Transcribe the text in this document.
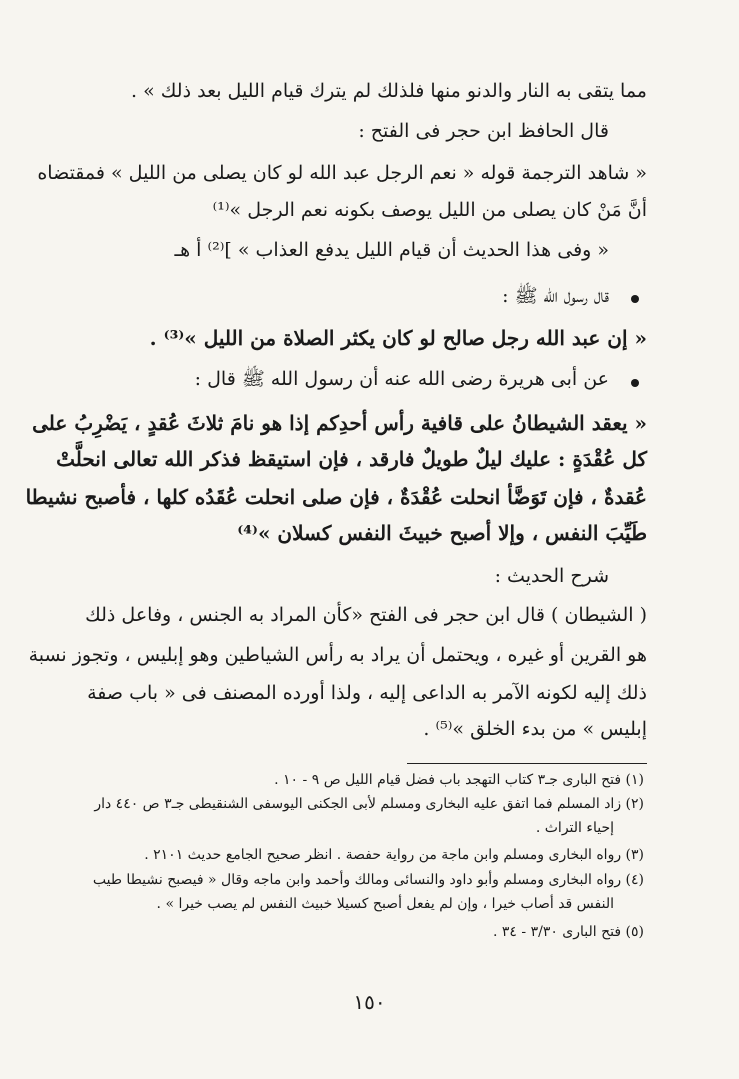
مما يتقى به النار والدنو منها فلذلك لم يترك قيام الليل بعد ذلك » .
قال الحافظ ابن حجر فى الفتح :
« شاهد الترجمة قوله « نعم الرجل عبد الله لو كان يصلى من الليل » فمقتضاه
أنَّ مَنْ كان يصلى من الليل يوصف بكونه نعم الرجل »⁽¹⁾
« وفى هذا الحديث أن قيام الليل يدفع العذاب » ]⁽²⁾ أ هـ
قال رسول الله ﷺ :
« إن عبد الله رجل صالح لو كان يكثر الصلاة من الليل »⁽³⁾ .
عن أبى هريرة رضى الله عنه أن رسول الله ﷺ قال :
« يعقد الشيطانُ على قافية رأس أحدِكم إذا هو نامَ ثلاثَ عُقدٍ ، يَضْرِبُ على
كل عُقْدَةٍ : عليك ليلٌ طويلٌ فارقد ، فإن استيقظ فذكر الله تعالى انحلَّتْ
عُقدةٌ ، فإن تَوَضَّأ انحلت عُقْدَةٌ ، فإن صلى انحلت عُقَدُه كلها ، فأصبح نشيطا
طَيِّبَ النفس ، وإلا أصبح خبيثَ النفس كسلان »⁽⁴⁾
شرح الحديث :
( الشيطان ) قال ابن حجر فى الفتح «كأن المراد به الجنس ، وفاعل ذلك
هو القرين أو غيره ، ويحتمل أن يراد به رأس الشياطين وهو إبليس ، وتجوز نسبة
ذلك إليه لكونه الآمر به الداعى إليه ، ولذا أورده المصنف فى « باب صفة
إبليس » من بدء الخلق »⁽⁵⁾ .
(١) فتح البارى جـ٣ كتاب التهجد باب فضل قيام الليل ص ٩ - ١٠ .
(٢) زاد المسلم فما اتفق عليه البخارى ومسلم لأبى الجكنى اليوسفى الشنقيطى جـ٣ ص ٤٤٠ دار
إحياء التراث .
(٣) رواه البخارى ومسلم وابن ماجة من رواية حفصة . انظر صحيح الجامع حديث ٢١٠١ .
(٤) رواه البخارى ومسلم وأبو داود والنسائى ومالك وأحمد وابن ماجه وقال « فيصبح نشيطا طيب
النفس قد أصاب خيرا ، وإن لم يفعل أصبح كسيلا خبيث النفس لم يصب خيرا » .
(٥) فتح البارى ٣/٣٠ - ٣٤ .
١٥٠
